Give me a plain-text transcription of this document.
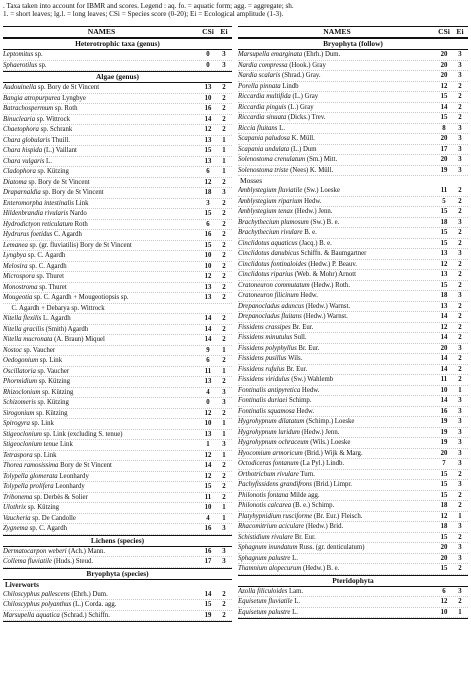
. Taxa taken into account for IBMR and scores. Legend : aq. fo. = aquatic form; agg. = aggregate; sh.
1. = short leaves; lg.l. = long leaves; CSi = Species score (0-20); Ei = Ecological amplitude (1-3).
NAMES	CSi Ei
Heterotrophic taxa (genus)
Leptomitus sp.	0	3
Sphaerotilus sp.	0	3
Algae (genus)
Audouinella sp. Bory de St Vincent	13	2
Bangia atropurpurea Lyngbye	10	2
Batrachospermum sp. Roth	16	2
Binuclearia sp. Wittrock	14	2
Chaetophora sp. Schrank	12	2
Chara globularis Thuill.	13	1
Chara hispida (L.) Vaillant	15	1
Chara vulgaris L.	13	1
Cladophora sp. Kützing	6	1
Diatoma sp. Bory de St Vincent	12	2
Draparnaldia sp. Bory de St Vincent	18	3
Enteromorpha intestinalis Link	3	2
Hildenbrandia rivularis Nardo	15	2
Hydrodictyon reticulatum Roth	6	2
Hydrurus foetidus C. Agardh	16	2
Lemanea sp. (gr. fluviatilis) Bory de St Vincent	15	2
Lyngbya sp. C. Agardh	10	2
Melosira sp. C. Agardh	10	2
Microspora sp. Thuret	12	2
Monostroma sp. Thuret	13	2
Mougeotia sp. C. Agardh + Mougeotiopsis sp.	13	2
C. Agardh + Debarya sp. Wittrock
Nitella flexilis L. Agardh	14	2
Nitella gracilis (Smith) Agardh	14	2
Nitella mucronata (A. Braun) Miquel	14	2
Nostoc sp. Vaucher	9	1
Oedogonium sp. Link	6	2
Oscillatoria sp. Vaucher	11	1
Phormidium sp. Kützing	13	2
Rhizoclonium sp. Kützing	4	3
Schizomeris sp. Kützing	0	3
Sirogonium sp. Kützing	12	2
Spirogyra sp. Link	10	1
Stigeoclonium sp. Link (excluding S. tenue)	13	1
Stigeoclonium tenue Link	1	3
Tetraspora sp. Link	12	1
Thorea ramosissima Bory de St Vincent	14	2
Tolypella glomerata Leonhardy	12	2
Tolypella prolifera Leonhardy	15	2
Tribonema sp. Derbès & Solier	11	2
Ulothrix sp. Kützing	10	1
Vaucheria sp. De Candolle	4	1
Zygnema sp. C. Agardh	16	3
Lichens (species)
Dermatocarpon weberi (Ach.) Mann.	16	3
Collema fluviatile (Huds.) Steud.	17	3
Bryophyta (species)
Liverworts
Chiloscyphus pallescens (Ehrh.) Dum.	14	2
Chiloscyphus polyanthus (L.) Corda. agg.	15	2
Marsupella aquatica (Schrad.) Schiffn.	19	2
NAMES	CSi Ei
Bryophyta (follow)
Marsupella emarginata (Ehrh.) Dum.	20	3
Nardia compressa (Hook.) Gray	20	3
Nardia scalaris (Shrad.) Gray.	20	3
Porella pinnata Lindb	12	2
Riccardia multifida (L.) Gray	15	2
Riccardia pinguis (L.) Gray	14	2
Riccardia sinuata (Dicks.) Trev.	15	2
Riccia fluitans L.	8	3
Scapania paludosa K. Müll.	20	3
Scapania undulata (L.) Dum	17	3
Solenostoma crenulatum (Sm.) Mitt.	20	3
Solenostoma triste (Nees) K. Müll.	19	3
Mosses
Amblystegium fluviatile (Sw.) Loeske	11	2
Amblystegium riparium Hedw.	5	2
Amblystegium tenax (Hedw.) Jenn.	15	2
Brachythecium plumosum (Sw.) B. e.	18	3
Brachythecium rivulare B. e.	15	2
Cinclidotus aquaticus (Jacq.) B. e.	15	2
Cinclidotus danubicus Schiffn. & Baumgartner	13	3
Cinclidotus fontinaloides (Hedw.) P. Beauv.	12	2
Cinclidotus riparius (Web. & Mohr) Arnott	13	2
Cratoneuron commutatum (Hedw.) Roth.	15	2
Cratoneuron filicinum Hedw.	18	3
Drepanocladus aduncus (Hedw.) Warnst.	13	2
Drepanocladus fluitans (Hedw.) Warnst.	14	2
Fissidens crassipes Br. Eur.	12	2
Fissidens minutulus Sull.	14	2
Fissidens polyphyllus Br. Eur.	20	3
Fissidens pusillus Wils.	14	2
Fissidens rufulus Br. Eur.	14	2
Fissidens viridulus (Sw.) Wahlemb	11	2
Fontinalis antipyretica Hedw.	10	1
Fontinalis duriaei Schimp.	14	3
Fontinalis squamosa Hedw.	16	3
Hygrohypnum dilatatum (Schimp.) Loeske	19	3
Hygrohypnum luridum (Hedw.) Jenn.	19	3
Hygrohypnum ochraceum (Wils.) Loeske	19	3
Hyocomium armoricum (Brid.) Wijk & Marg.	20	3
Octodiceras fontanum (La Pyl.) Lindb.	7	3
Orthotrichum rivulare Turn.	15	2
Pachyfissidens grandifrons (Brid.) Limpr.	15	3
Philonotis fontana Milde agg.	15	2
Philonotis calcarea (B. e.) Schimp.	18	2
Platyhypnidium rusciforme (Br. Eur.) Fleisch.	12	1
Rhacomitrium aciculare (Hedw.) Brid.	18	3
Schistidium rivulare Br. Eur.	15	2
Sphagnum inundatum Russ. (gr. denticulatum)	20	3
Sphagnum palustre L.	20	3
Thamnium alopecurum (Hedw.) B. e.	15	2
Pteridophyta
Azolla filiculoides Lam.	6	3
Equisetum fluviatile L.	12	2
Equisetum palustre L.	10	1
